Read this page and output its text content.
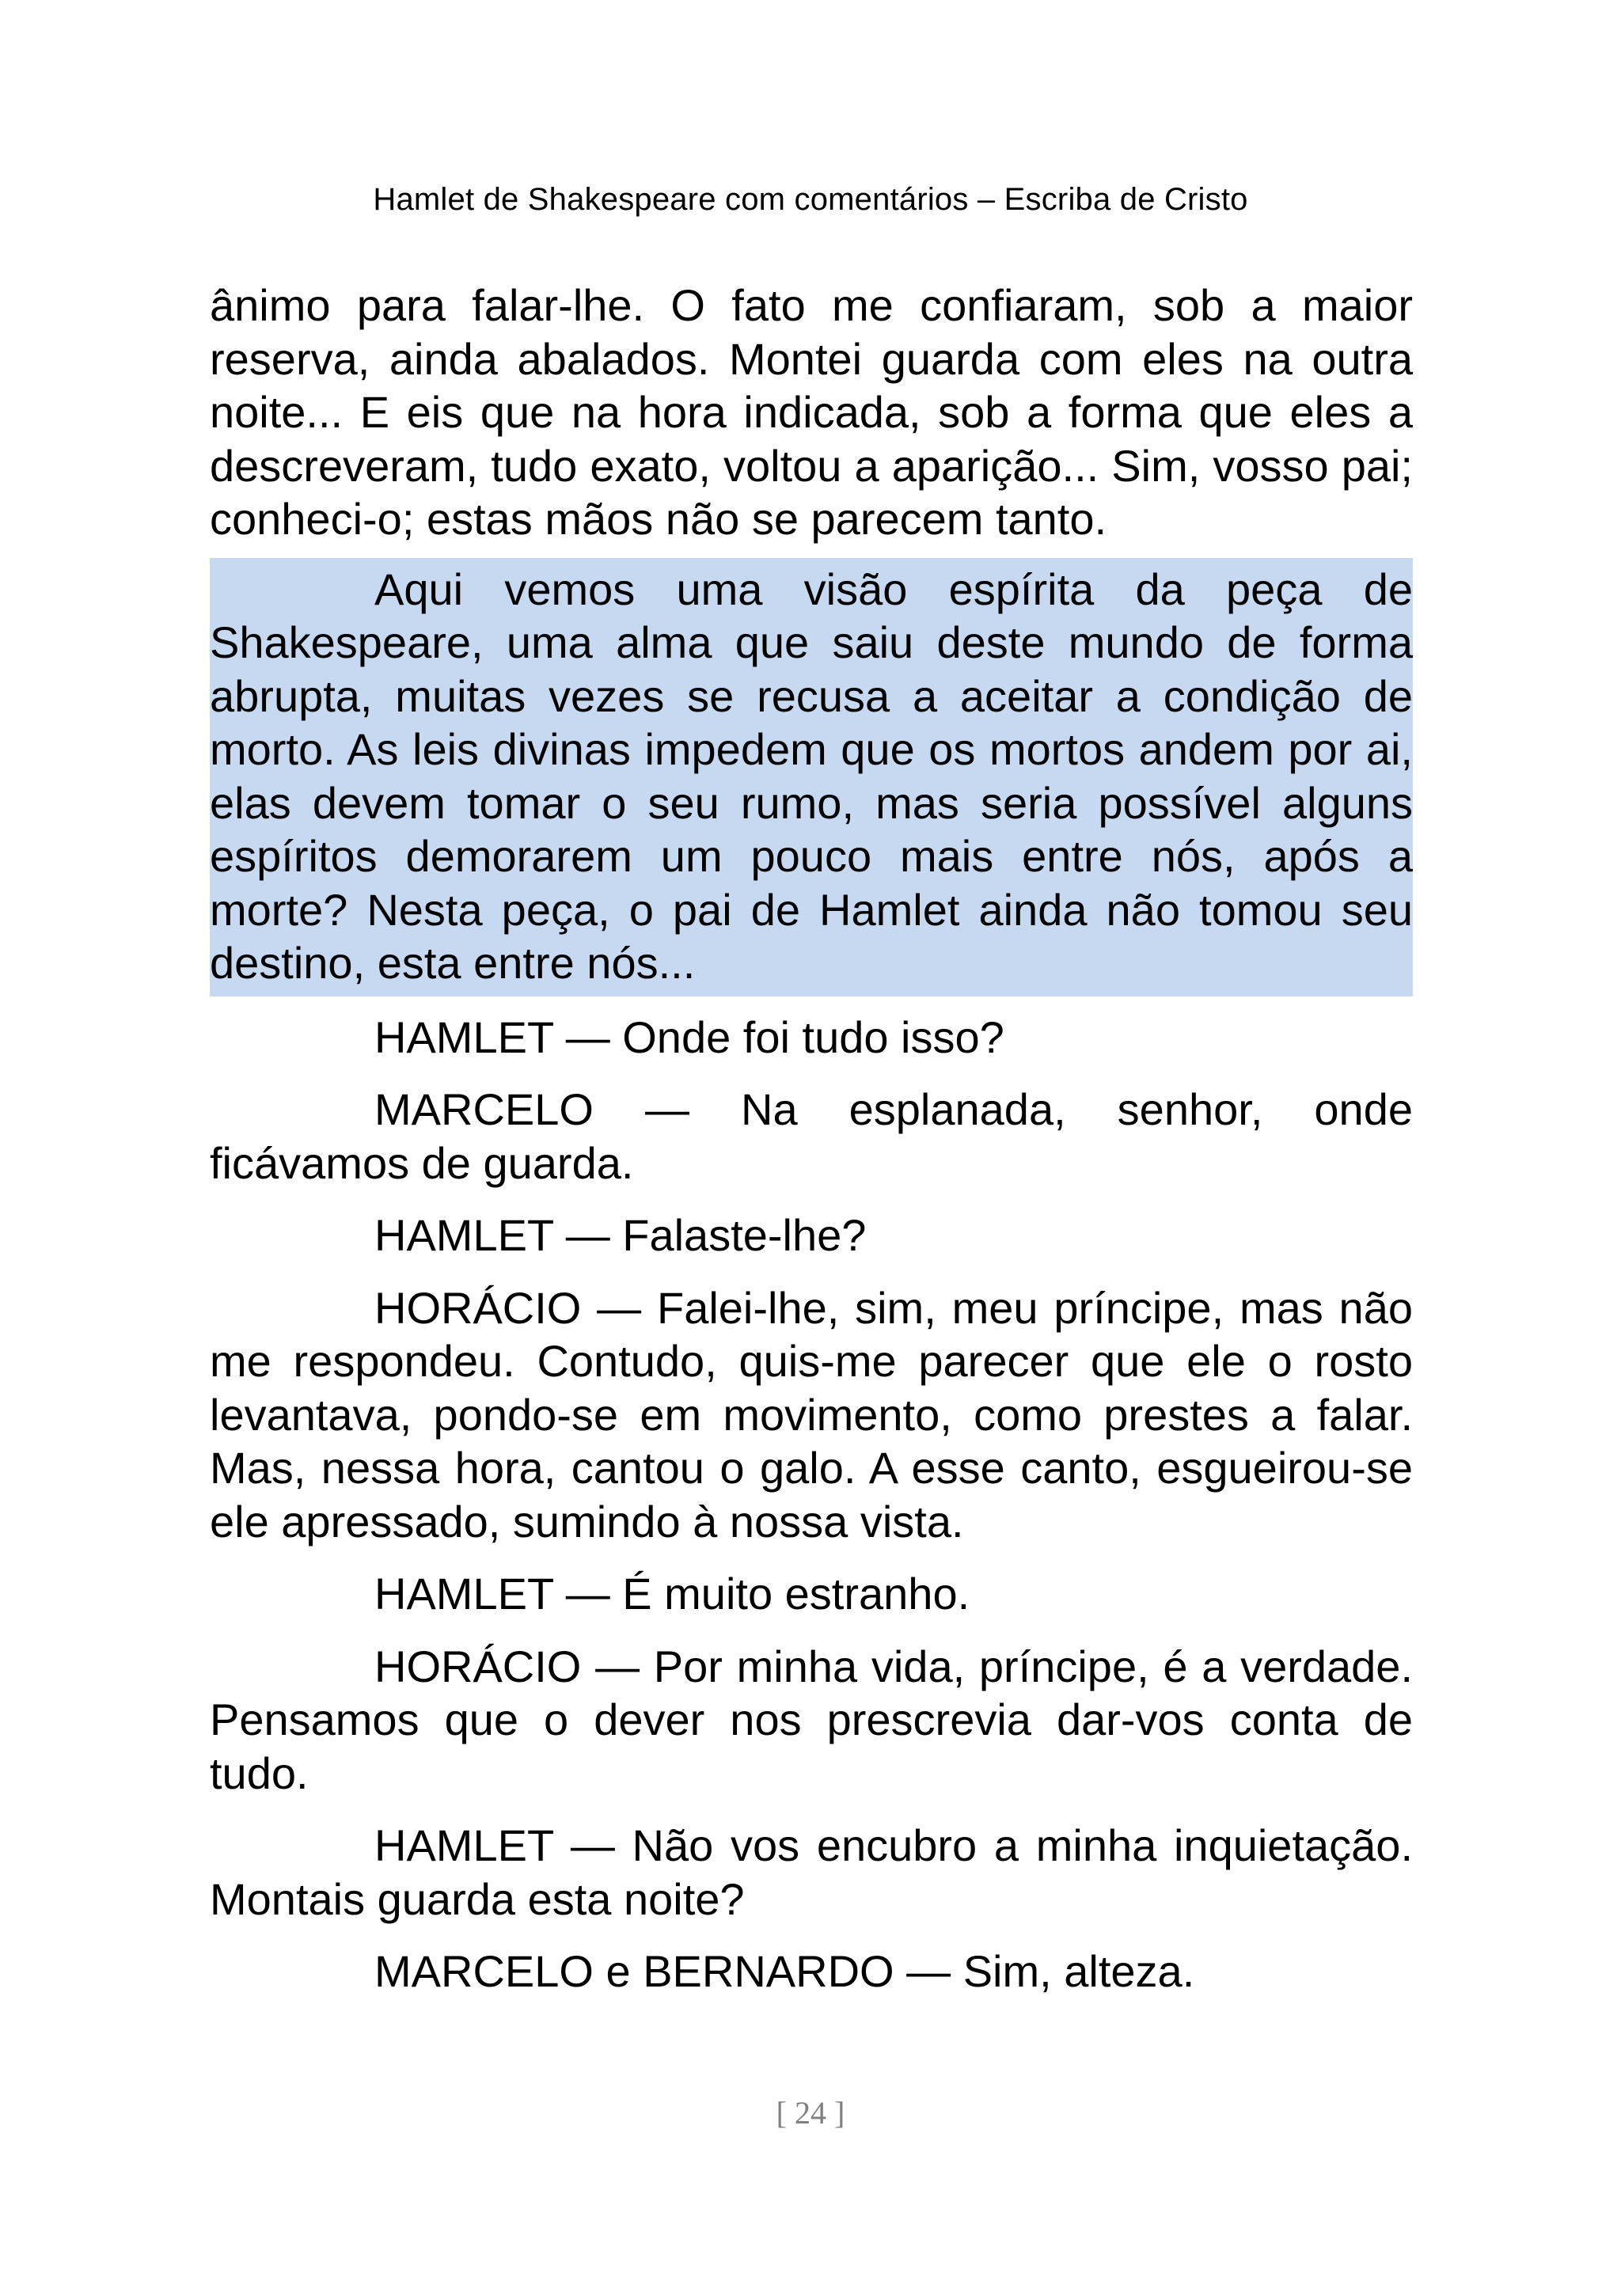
Hamlet de Shakespeare com comentários – Escriba de Cristo

ânimo para falar-lhe. O fato me confiaram, sob a maior reserva, ainda abalados. Montei guarda com eles na outra noite... E eis que na hora indicada, sob a forma que eles a descreveram, tudo exato, voltou a aparição... Sim, vosso pai; conheci-o; estas mãos não se parecem tanto.

Aqui vemos uma visão espírita da peça de Shakespeare, uma alma que saiu deste mundo de forma abrupta, muitas vezes se recusa a aceitar a condição de morto. As leis divinas impedem que os mortos andem por ai, elas devem tomar o seu rumo, mas seria possível alguns espíritos demorarem um pouco mais entre nós, após a morte? Nesta peça, o pai de Hamlet ainda não tomou seu destino, esta entre nós...

HAMLET — Onde foi tudo isso?

MARCELO — Na esplanada, senhor, onde ficávamos de guarda.

HAMLET — Falaste-lhe?

HORÁCIO — Falei-lhe, sim, meu príncipe, mas não me respondeu. Contudo, quis-me parecer que ele o rosto levantava, pondo-se em movimento, como prestes a falar. Mas, nessa hora, cantou o galo. A esse canto, esgueirou-se ele apressado, sumindo à nossa vista.

HAMLET — É muito estranho.

HORÁCIO — Por minha vida, príncipe, é a verdade. Pensamos que o dever nos prescrevia dar-vos conta de tudo.

HAMLET — Não vos encubro a minha inquietação. Montais guarda esta noite?

MARCELO e BERNARDO — Sim, alteza.

[ 24 ]
